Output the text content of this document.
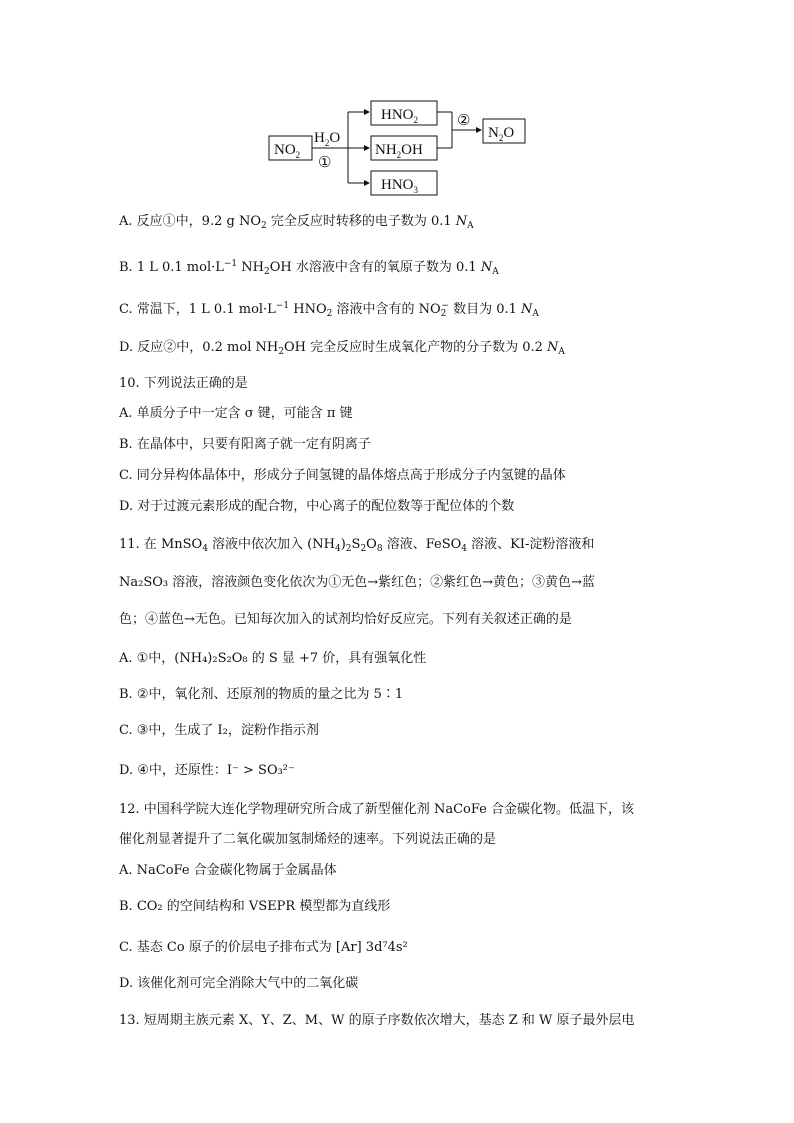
$NO_2$
$H_2O$
①
$HNO_2$
$NH_2OH$
$HNO_3$
②
$N_2O$
A. 反应①中，9.2 g $NO_2$ 完全反应时转移的电子数为 0.1 $N_A$
B. 1 L 0.1 $mol\cdot L^{-1}$ $NH_2OH$ 水溶液中含有的氧原子数为 0.1 $N_A$
C. 常温下，1 L 0.1 $mol\cdot L^{-1}$ $HNO_2$ 溶液中含有的 $NO_2^-$ 数目为 0.1 $N_A$
D. 反应②中，0.2 mol $NH_2OH$ 完全反应时生成氧化产物的分子数为 0.2 $N_A$
10. 下列说法正确的是
A. 单质分子中一定含 σ 键，可能含 π 键
B. 在晶体中，只要有阳离子就一定有阴离子
C. 同分异构体晶体中，形成分子间氢键的晶体熔点高于形成分子内氢键的晶体
D. 对于过渡元素形成的配合物，中心离子的配位数等于配位体的个数
11. 在 MnSO$_4$ 溶液中依次加入 $(NH_4)_2S_2O_8$ 溶液、FeSO$_4$ 溶液、KI-淀粉溶液和
Na₂SO₃ 溶液，溶液颜色变化依次为①无色→紫红色；②紫红色→黄色；③黄色→蓝
色；④蓝色→无色。已知每次加入的试剂均恰好反应完。下列有关叙述正确的是
A. ①中，(NH₄)₂S₂O₈ 的 S 显 +7 价，具有强氧化性
B. ②中，氧化剂、还原剂的物质的量之比为 5∶1
C. ③中，生成了 I₂，淀粉作指示剂
D. ④中，还原性：I⁻ > SO₃²⁻
12. 中国科学院大连化学物理研究所合成了新型催化剂 NaCoFe 合金碳化物。低温下，该
催化剂显著提升了二氧化碳加氢制烯烃的速率。下列说法正确的是
A. NaCoFe 合金碳化物属于金属晶体
B. CO₂ 的空间结构和 VSEPR 模型都为直线形
C. 基态 Co 原子的价层电子排布式为 [Ar] 3d⁷4s²
D. 该催化剂可完全消除大气中的二氧化碳
13. 短周期主族元素 X、Y、Z、M、W 的原子序数依次增大，基态 Z 和 W 原子最外层电
